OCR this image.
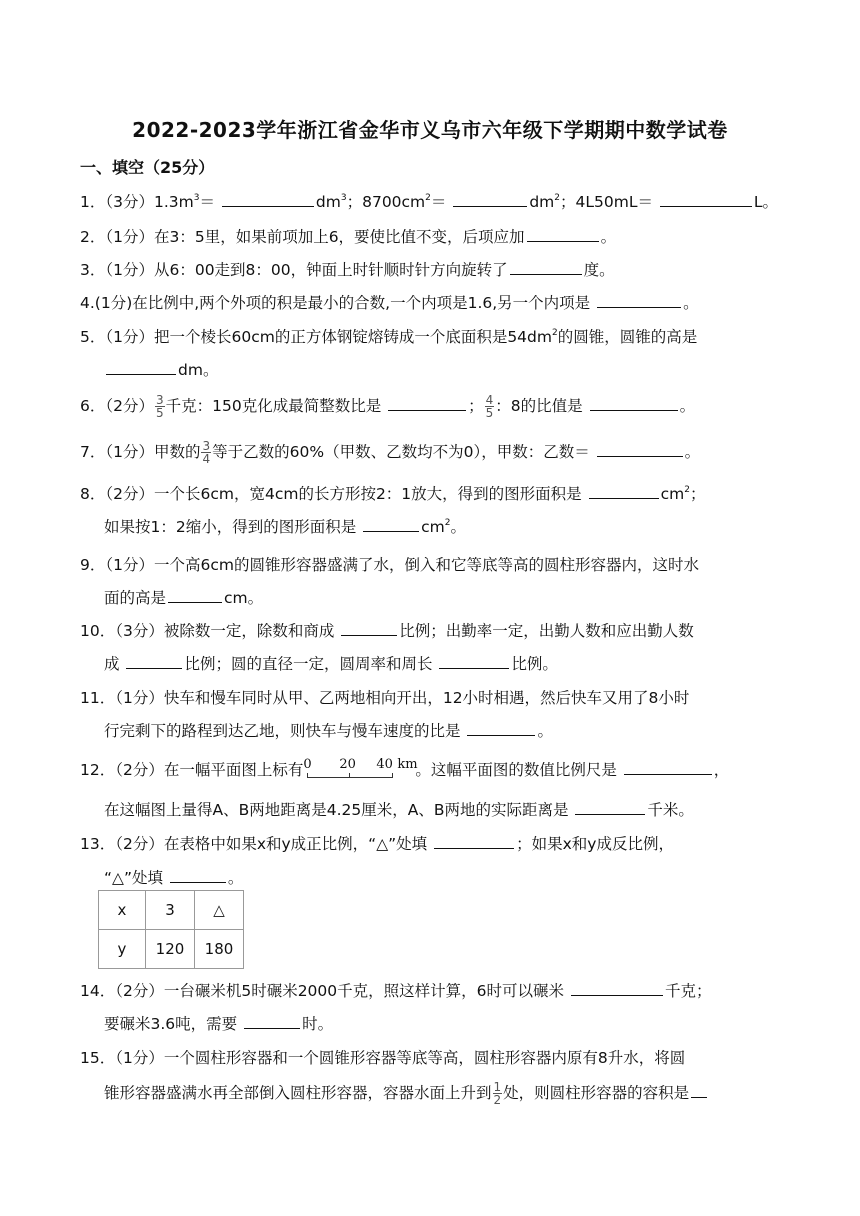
2022-2023学年浙江省金华市义乌市六年级下学期期中数学试卷
一、填空（25分）
1．（3分）$1.3m^3=$	$dm^3$；$8700cm^2=$	$dm^2$；4L50mL＝	L。
2．（1分）在3：5里，如果前项加上6，要使比值不变，后项应加	。
3．（1分）从6：00走到8：00，钟面上时针顺时针方向旋转了	度。
4.(1分)在比例中,两个外项的积是最小的合数,一个内项是1.6,另一个内项是	。
5．（1分）把一个棱长60cm的正方体钢锭熔铸成一个底面积是$54dm^2$的圆锥，圆锥的高是
dm。
6．（2分） $\frac{3}{5}$ 千克：150克化成最简整数比是	； $\frac{4}{5}$ ：8的比值是	。
7．（1分）甲数的 $\frac{3}{4}$ 等于乙数的60%（甲数、乙数均不为0），甲数：乙数＝	。
8．（2分）一个长6cm，宽4cm的长方形按2：1放大，得到的图形面积是	$cm^2$；
如果按1：2缩小，得到的图形面积是	$cm^2$。
9．（1分）一个高6cm的圆锥形容器盛满了水，倒入和它等底等高的圆柱形容器内，这时水
面的高是	cm。
10．（3分）被除数一定，除数和商成	比例；出勤率一定，出勤人数和应出勤人数
成	比例；圆的直径一定，圆周率和周长	比例。
11．（1分）快车和慢车同时从甲、乙两地相向开出，12小时相遇，然后快车又用了8小时
行完剩下的路程到达乙地，则快车与慢车速度的比是	。
12．（2分）在一幅平面图上标有 0 20 40 km
。这幅平面图的数值比例尺是	，
在这幅图上量得A、B两地距离是4.25厘米，A、B两地的实际距离是	千米。
13．（2分）在表格中如果x和y成正比例，“△”处填	；如果x和y成反比例，
“△”处填	。
x	3	△
y	120	180
14．（2分）一台碾米机5时碾米2000千克，照这样计算，6时可以碾米	千克；
要碾米3.6吨，需要	时。
15．（1分）一个圆柱形容器和一个圆锥形容器等底等高，圆柱形容器内原有8升水，将圆
锥形容器盛满水再全部倒入圆柱形容器，容器水面上升到 $\frac{1}{2}$ 处，则圆柱形容器的容积是
